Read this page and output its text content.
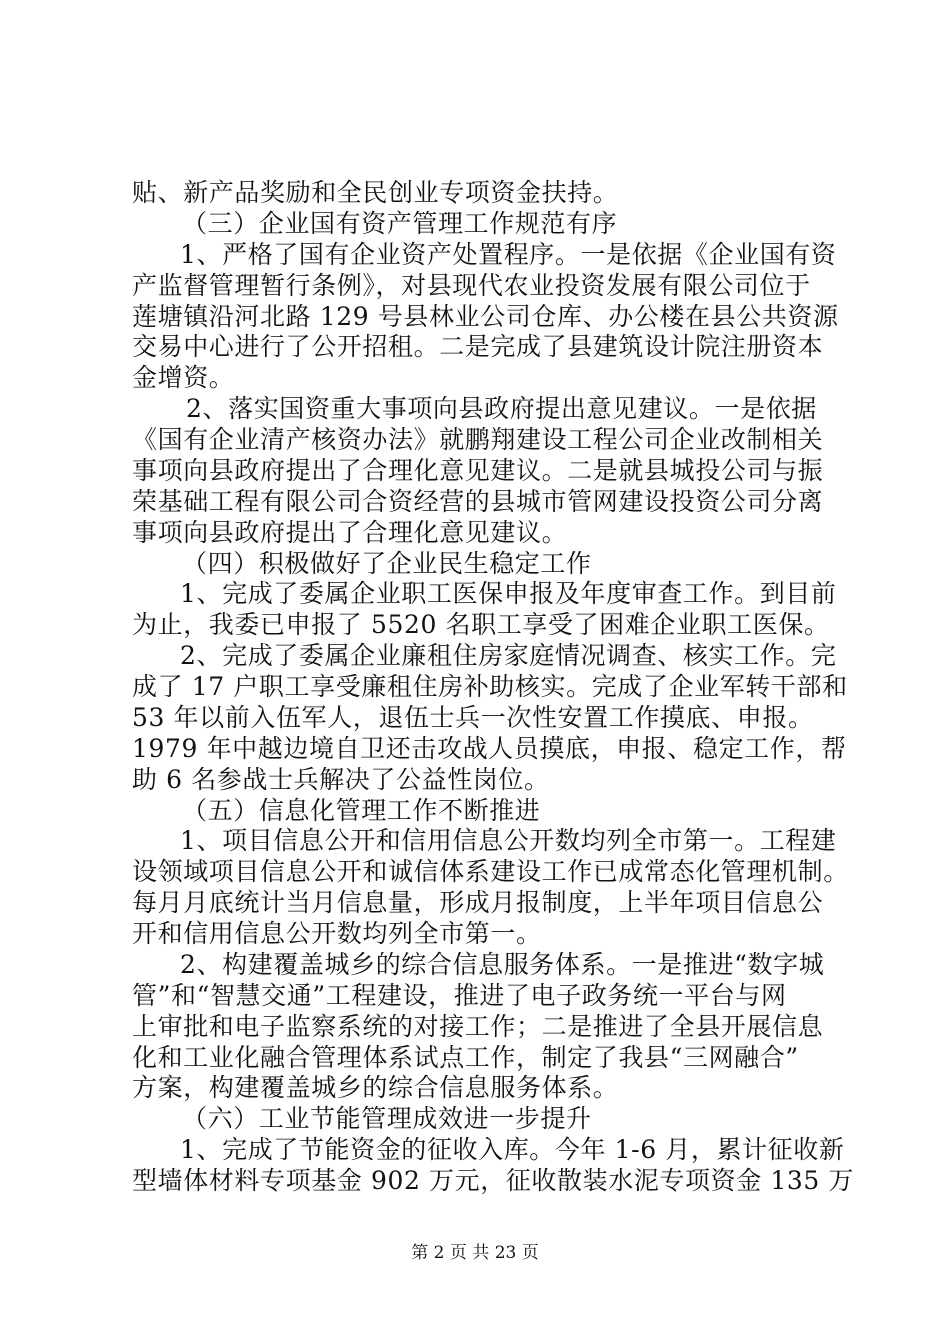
贴、新产品奖励和全民创业专项资金扶持。
（三）企业国有资产管理工作规范有序
1、严格了国有企业资产处置程序。一是依据《企业国有资
产监督管理暂行条例》，对县现代农业投资发展有限公司位于
莲塘镇沿河北路 129 号县林业公司仓库、办公楼在县公共资源
交易中心进行了公开招租。二是完成了县建筑设计院注册资本
金增资。
2、落实国资重大事项向县政府提出意见建议。一是依据
《国有企业清产核资办法》就鹏翔建设工程公司企业改制相关
事项向县政府提出了合理化意见建议。二是就县城投公司与振
荣基础工程有限公司合资经营的县城市管网建设投资公司分离
事项向县政府提出了合理化意见建议。
（四）积极做好了企业民生稳定工作
1、完成了委属企业职工医保申报及年度审查工作。到目前
为止，我委已申报了 5520 名职工享受了困难企业职工医保。
2、完成了委属企业廉租住房家庭情况调查、核实工作。完
成了 17 户职工享受廉租住房补助核实。完成了企业军转干部和
53 年以前入伍军人，退伍士兵一次性安置工作摸底、申报。
1979 年中越边境自卫还击攻战人员摸底，申报、稳定工作，帮
助 6 名参战士兵解决了公益性岗位。
（五）信息化管理工作不断推进
1、项目信息公开和信用信息公开数均列全市第一。工程建
设领域项目信息公开和诚信体系建设工作已成常态化管理机制。
每月月底统计当月信息量，形成月报制度，上半年项目信息公
开和信用信息公开数均列全市第一。
2、构建覆盖城乡的综合信息服务体系。一是推进“数字城
管”和“智慧交通”工程建设，推进了电子政务统一平台与网
上审批和电子监察系统的对接工作；二是推进了全县开展信息
化和工业化融合管理体系试点工作，制定了我县“三网融合”
方案，构建覆盖城乡的综合信息服务体系。
（六）工业节能管理成效进一步提升
1、完成了节能资金的征收入库。今年 1-6 月，累计征收新
型墙体材料专项基金 902 万元，征收散装水泥专项资金 135 万
第 2 页 共 23 页
